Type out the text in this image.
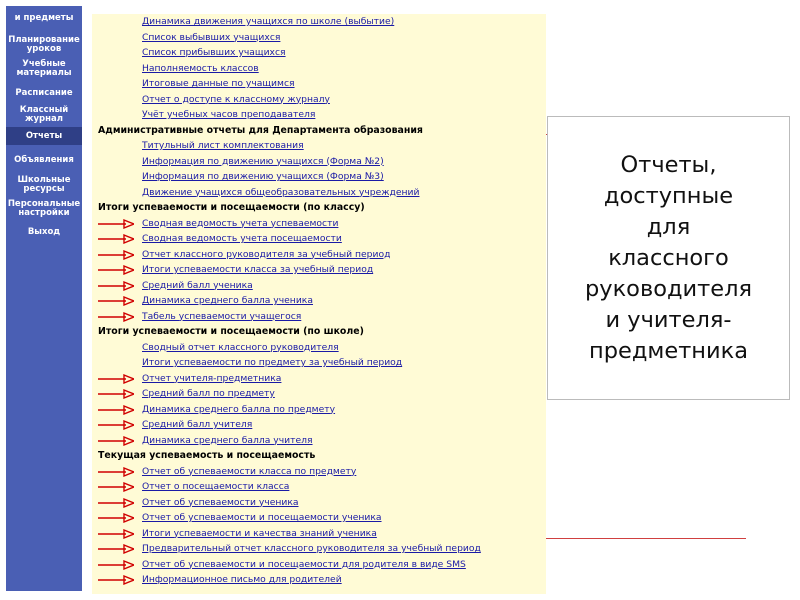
и предметы
Планирование
уроков
Учебные
материалы
Расписание
Классный
журнал
Отчеты
Объявления
Школьные
ресурсы
Персональные
настройки
Выход
Динамика движения учащихся по школе (выбытие)
Список выбывших учащихся
Список прибывших учащихся
Наполняемость классов
Итоговые данные по учащимся
Отчет о доступе к классному журналу
Учёт учебных часов преподавателя
Административные отчеты для Департамента образования
Титульный лист комплектования
Информация по движению учащихся (Форма №2)
Информация по движению учащихся (Форма №3)
Движение учащихся общеобразовательных учреждений
Итоги успеваемости и посещаемости (по классу)
Сводная ведомость учета успеваемости
Сводная ведомость учета посещаемости
Отчет классного руководителя за учебный период
Итоги успеваемости класса за учебный период
Средний балл ученика
Динамика среднего балла ученика
Табель успеваемости учащегося
Итоги успеваемости и посещаемости (по школе)
Сводный отчет классного руководителя
Итоги успеваемости по предмету за учебный период
Отчет учителя-предметника
Средний балл по предмету
Динамика среднего балла по предмету
Средний балл учителя
Динамика среднего балла учителя
Текущая успеваемость и посещаемость
Отчет об успеваемости класса по предмету
Отчет о посещаемости класса
Отчет об успеваемости ученика
Отчет об успеваемости и посещаемости ученика
Итоги успеваемости и качества знаний ученика
Предварительный отчет классного руководителя за учебный период
Отчет об успеваемости и посещаемости для родителя в виде SMS
Информационное письмо для родителей
Отчеты,
доступные
для
классного
руководителя
и учителя-
предметника
